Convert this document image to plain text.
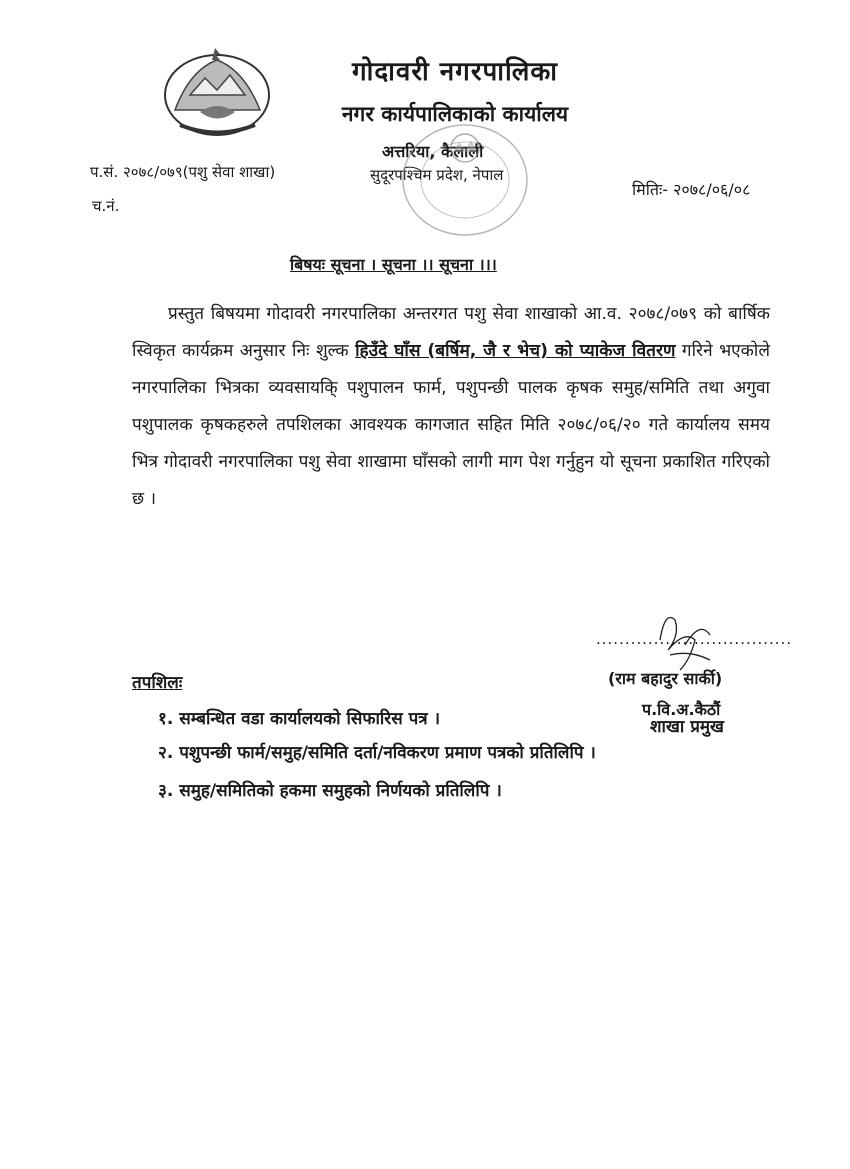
गोदावरी नगरपालिका
नगर कार्यपालिकाको कार्यालय
अत्तरिया, कैलाली
सुदूरपश्चिम प्रदेश, नेपाल
प.सं. २०७८/०७९(पशु सेवा शाखा)
च.नं.
मितिः- २०७८/०६/०८
बिषयः सूचना । सूचना ।। सूचना ।।।
प्रस्तुत बिषयमा गोदावरी नगरपालिका अन्तरगत पशु सेवा शाखाको आ.व. २०७८/०७९ को बार्षिक स्विकृत कार्यक्रम अनुसार निः शुल्क हिउँदे घाँस (बर्षिम, जै र भेच) को प्याकेज वितरण गरिने भएकोले नगरपालिका भित्रका व्यवसायकि् पशुपालन फार्म, पशुपन्छी पालक कृषक समुह/समिति तथा अगुवा पशुपालक कृषकहरुले तपशिलका आवश्यक कागजात सहित मिति २०७८/०६/२० गते कार्यालय समय भित्र गोदावरी नगरपालिका पशु सेवा शाखामा घाँसको लागी माग पेश गर्नुहुन यो सूचना प्रकाशित गरिएको छ ।
..................................
(राम बहादुर सार्की)
प.वि.अ.कैठौं
शाखा प्रमुख
तपशिलः
१. सम्बन्धित वडा कार्यालयको सिफारिस पत्र ।
२. पशुपन्छी फार्म/समुह/समिति दर्ता/नविकरण प्रमाण पत्रको प्रतिलिपि ।
३. समुह/समितिको हकमा समुहको निर्णयको प्रतिलिपि ।
